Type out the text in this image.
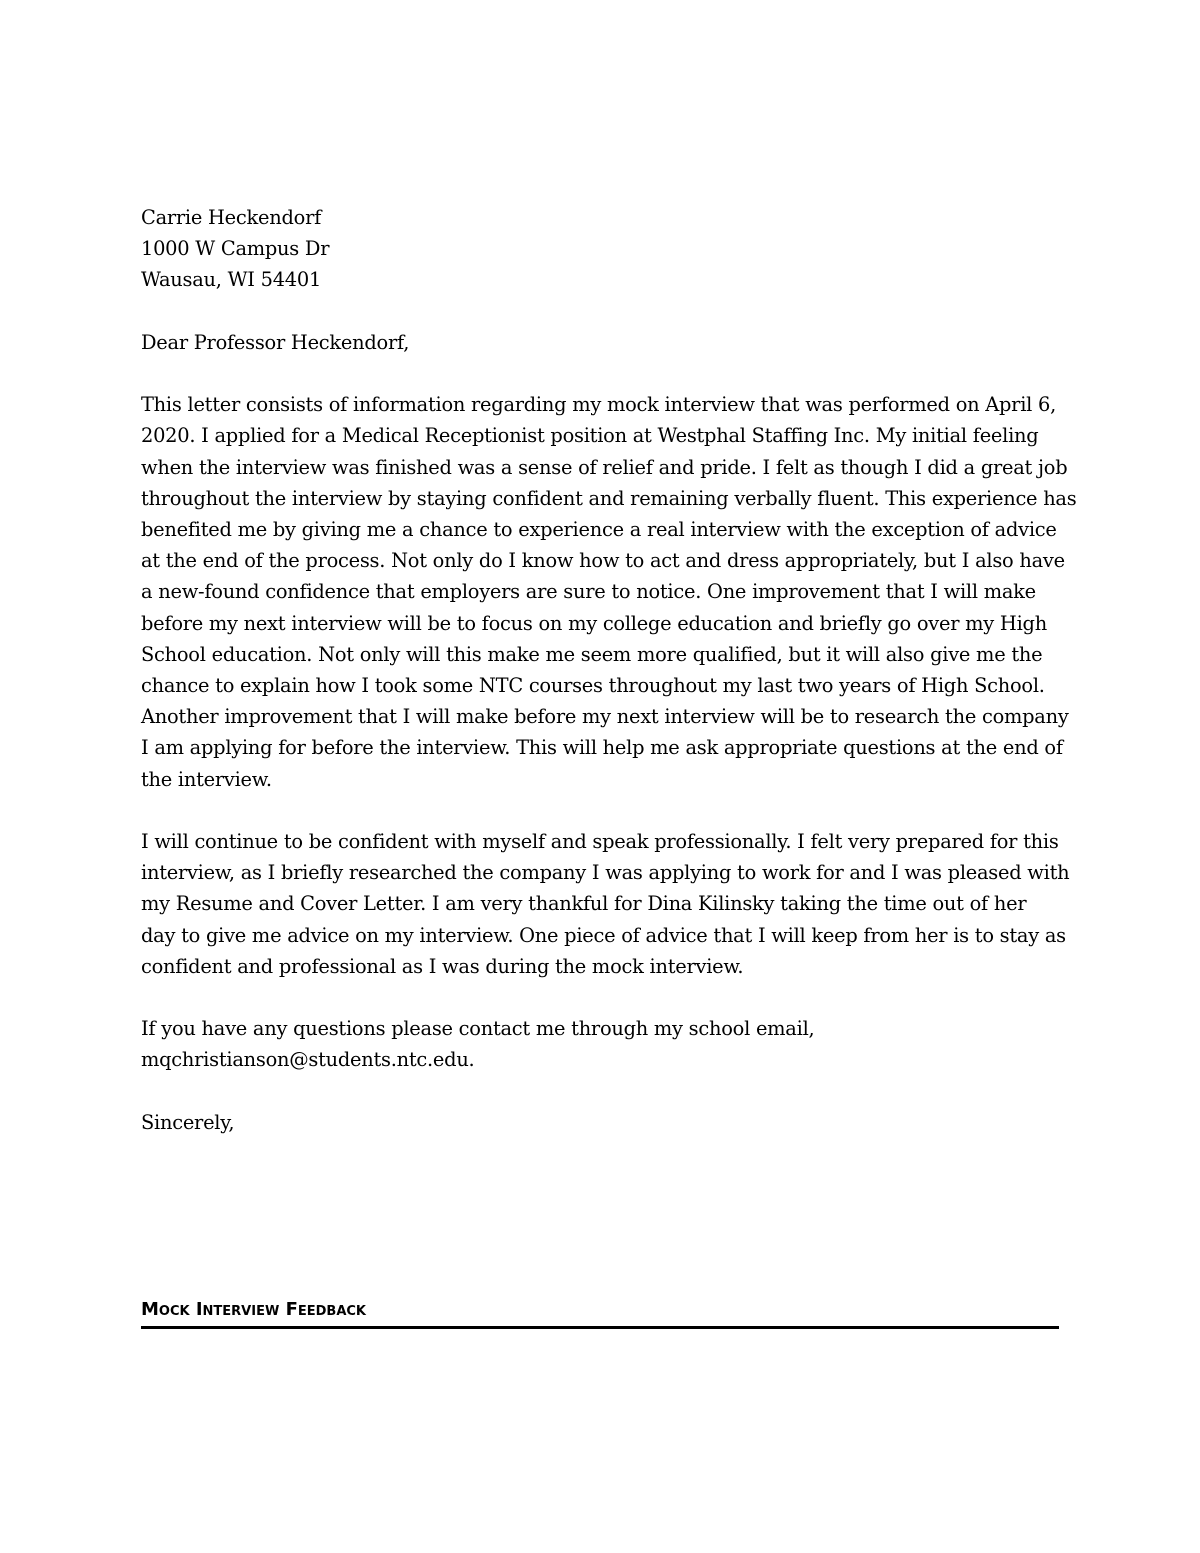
Carrie Heckendorf
1000 W Campus Dr
Wausau, WI 54401

Dear Professor Heckendorf,

This letter consists of information regarding my mock interview that was performed on April 6,
2020. I applied for a Medical Receptionist position at Westphal Staffing Inc. My initial feeling
when the interview was finished was a sense of relief and pride. I felt as though I did a great job
throughout the interview by staying confident and remaining verbally fluent. This experience has
benefited me by giving me a chance to experience a real interview with the exception of advice
at the end of the process. Not only do I know how to act and dress appropriately, but I also have
a new-found confidence that employers are sure to notice. One improvement that I will make
before my next interview will be to focus on my college education and briefly go over my High
School education. Not only will this make me seem more qualified, but it will also give me the
chance to explain how I took some NTC courses throughout my last two years of High School.
Another improvement that I will make before my next interview will be to research the company
I am applying for before the interview. This will help me ask appropriate questions at the end of
the interview.

I will continue to be confident with myself and speak professionally. I felt very prepared for this
interview, as I briefly researched the company I was applying to work for and I was pleased with
my Resume and Cover Letter. I am very thankful for Dina Kilinsky taking the time out of her
day to give me advice on my interview. One piece of advice that I will keep from her is to stay as
confident and professional as I was during the mock interview.

If you have any questions please contact me through my school email,
mqchristianson@students.ntc.edu.

Sincerely,

Mock Interview Feedback
